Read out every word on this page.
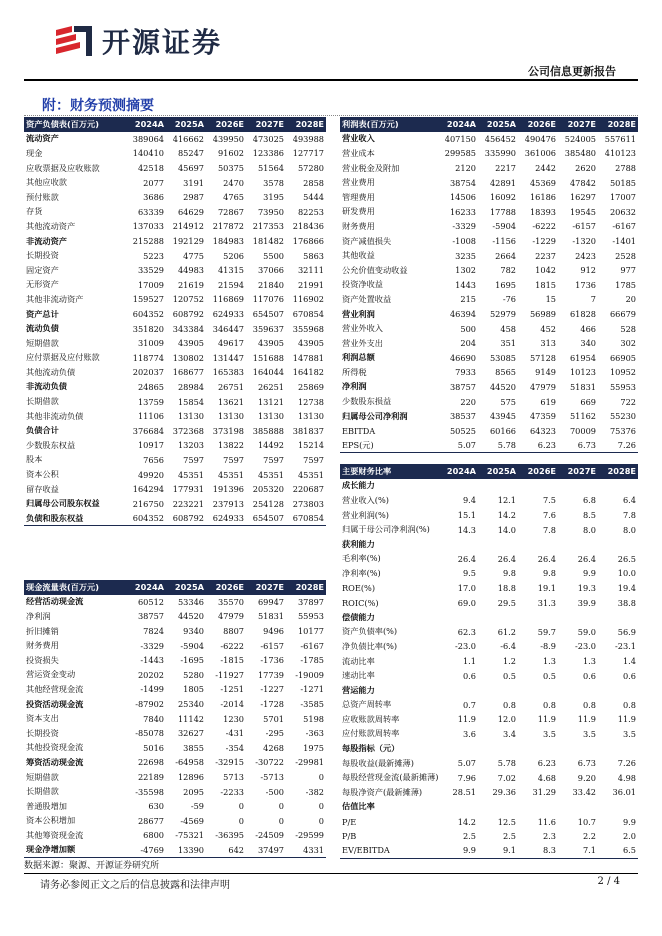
开源证券
公司信息更新报告
附：财务预测摘要
资产负债表(百万元)	2024A	2025A	2026E	2027E	2028E
流动资产	389064	416662	439950	473025	493988
现金	140410	85247	91602	123386	127717
应收票据及应收账款	42518	45697	50375	51564	57280
其他应收款	2077	3191	2470	3578	2858
预付账款	3686	2987	4765	3195	5444
存货	63339	64629	72867	73950	82253
其他流动资产	137033	214912	217872	217353	218436
非流动资产	215288	192129	184983	181482	176866
长期投资	5223	4775	5206	5500	5863
固定资产	33529	44983	41315	37066	32111
无形资产	17009	21619	21594	21840	21991
其他非流动资产	159527	120752	116869	117076	116902
资产总计	604352	608792	624933	654507	670854
流动负债	351820	343384	346447	359637	355968
短期借款	31009	43905	49617	43905	43905
应付票据及应付账款	118774	130802	131447	151688	147881
其他流动负债	202037	168677	165383	164044	164182
非流动负债	24865	28984	26751	26251	25869
长期借款	13759	15854	13621	13121	12738
其他非流动负债	11106	13130	13130	13130	13130
负债合计	376684	372368	373198	385888	381837
少数股东权益	10917	13203	13822	14492	15214
股本	7656	7597	7597	7597	7597
资本公积	49920	45351	45351	45351	45351
留存收益	164294	177931	191396	205320	220687
归属母公司股东权益	216750	223221	237913	254128	273803
负债和股东权益	604352	608792	624933	654507	670854
利润表(百万元)	2024A	2025A	2026E	2027E	2028E
营业收入	407150	456452	490476	524005	557611
营业成本	299585	335990	361006	385480	410123
营业税金及附加	2120	2217	2442	2620	2788
营业费用	38754	42891	45369	47842	50185
管理费用	14506	16092	16186	16297	17007
研发费用	16233	17788	18393	19545	20632
财务费用	-3329	-5904	-6222	-6157	-6167
资产减值损失	-1008	-1156	-1229	-1320	-1401
其他收益	3235	2664	2237	2423	2528
公允价值变动收益	1302	782	1042	912	977
投资净收益	1443	1695	1815	1736	1785
资产处置收益	215	-76	15	7	20
营业利润	46394	52979	56989	61828	66679
营业外收入	500	458	452	466	528
营业外支出	204	351	313	340	302
利润总额	46690	53085	57128	61954	66905
所得税	7933	8565	9149	10123	10952
净利润	38757	44520	47979	51831	55953
少数股东损益	220	575	619	669	722
归属母公司净利润	38537	43945	47359	51162	55230
EBITDA	50525	60166	64323	70009	75376
EPS(元)	5.07	5.78	6.23	6.73	7.26
主要财务比率	2024A	2025A	2026E	2027E	2028E
成长能力					
营业收入(%)	9.4	12.1	7.5	6.8	6.4
营业利润(%)	15.1	14.2	7.6	8.5	7.8
归属于母公司净利润(%)	14.3	14.0	7.8	8.0	8.0
获利能力					
毛利率(%)	26.4	26.4	26.4	26.4	26.5
净利率(%)	9.5	9.8	9.8	9.9	10.0
ROE(%)	17.0	18.8	19.1	19.3	19.4
ROIC(%)	69.0	29.5	31.3	39.9	38.8
偿债能力					
资产负债率(%)	62.3	61.2	59.7	59.0	56.9
净负债比率(%)	-23.0	-6.4	-8.9	-23.0	-23.1
流动比率	1.1	1.2	1.3	1.3	1.4
速动比率	0.6	0.5	0.5	0.6	0.6
营运能力					
总资产周转率	0.7	0.8	0.8	0.8	0.8
应收账款周转率	11.9	12.0	11.9	11.9	11.9
应付账款周转率	3.6	3.4	3.5	3.5	3.5
每股指标（元）					
每股收益(最新摊薄)	5.07	5.78	6.23	6.73	7.26
每股经营现金流(最新摊薄)	7.96	7.02	4.68	9.20	4.98
每股净资产(最新摊薄)	28.51	29.36	31.29	33.42	36.01
估值比率					
P/E	14.2	12.5	11.6	10.7	9.9
P/B	2.5	2.5	2.3	2.2	2.0
EV/EBITDA	9.9	9.1	8.3	7.1	6.5
现金流量表(百万元)	2024A	2025A	2026E	2027E	2028E
经营活动现金流	60512	53346	35570	69947	37897
净利润	38757	44520	47979	51831	55953
折旧摊销	7824	9340	8807	9496	10177
财务费用	-3329	-5904	-6222	-6157	-6167
投资损失	-1443	-1695	-1815	-1736	-1785
营运资金变动	20202	5280	-11927	17739	-19009
其他经营现金流	-1499	1805	-1251	-1227	-1271
投资活动现金流	-87902	25340	-2014	-1728	-3585
资本支出	7840	11142	1230	5701	5198
长期投资	-85078	32627	-431	-295	-363
其他投资现金流	5016	3855	-354	4268	1975
筹资活动现金流	22698	-64958	-32915	-30722	-29981
短期借款	22189	12896	5713	-5713	0
长期借款	-35598	2095	-2233	-500	-382
普通股增加	630	-59	0	0	0
资本公积增加	28677	-4569	0	0	0
其他筹资现金流	6800	-75321	-36395	-24509	-29599
现金净增加额	-4769	13390	642	37497	4331
数据来源：聚源、开源证券研究所
请务必参阅正文之后的信息披露和法律声明	2 / 4
